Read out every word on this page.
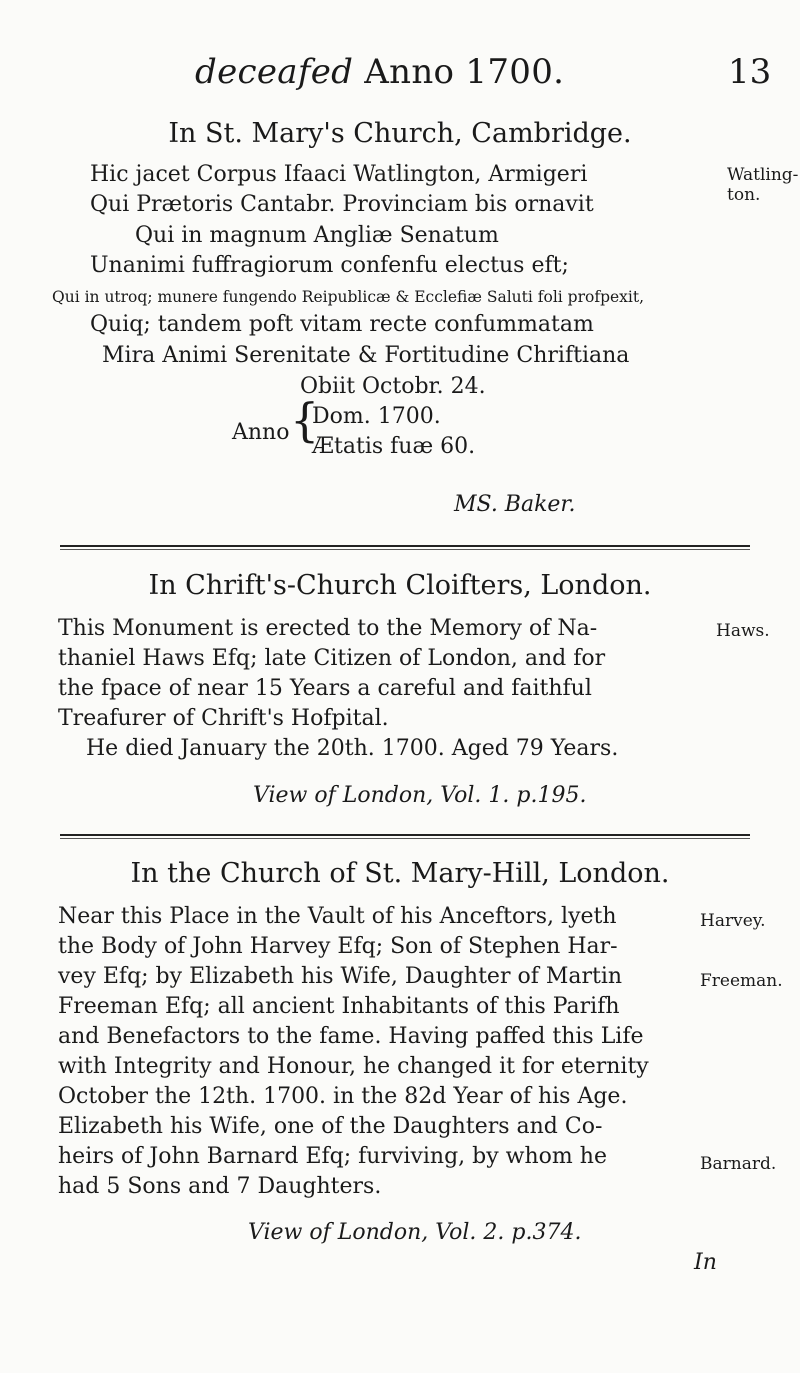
deceafed Anno 1700.	13
In St. Mary's Church, Cambridge.
Hic jacet Corpus Ifaaci Watlington, Armigeri
Qui Prætoris Cantabr. Provinciam bis ornavit
Qui in magnum Angliæ Senatum
Unanimi fuffragiorum confenfu electus eft;
Qui in utroq; munere fungendo Reipublicæ & Ecclefiæ Saluti foli profpexit,
Quiq; tandem poft vitam recte confummatam
Mira Animi Serenitate & Fortitudine Chriftiana
Obiit Octobr. 24.
Anno {
Dom. 1700.
Ætatis fuæ 60.
Watling-
ton.
MS. Baker.
In Chrift's-Church Cloifters, London.
This Monument is erected to the Memory of Na-
thaniel Haws Efq; late Citizen of London, and for
the fpace of near 15 Years a careful and faithful
Treafurer of Chrift's Hofpital.
He died January the 20th. 1700. Aged 79 Years.
Haws.
View of London, Vol. 1. p.195.
In the Church of St. Mary-Hill, London.
Near this Place in the Vault of his Anceftors, lyeth
the Body of John Harvey Efq; Son of Stephen Har-
vey Efq; by Elizabeth his Wife, Daughter of Martin
Freeman Efq; all ancient Inhabitants of this Parifh
and Benefactors to the fame. Having paffed this Life
with Integrity and Honour, he changed it for eternity
October the 12th. 1700. in the 82d Year of his Age.
Elizabeth his Wife, one of the Daughters and Co-
heirs of John Barnard Efq; furviving, by whom he
had 5 Sons and 7 Daughters.
Harvey.
Freeman.
Barnard.
View of London, Vol. 2. p.374.
In
